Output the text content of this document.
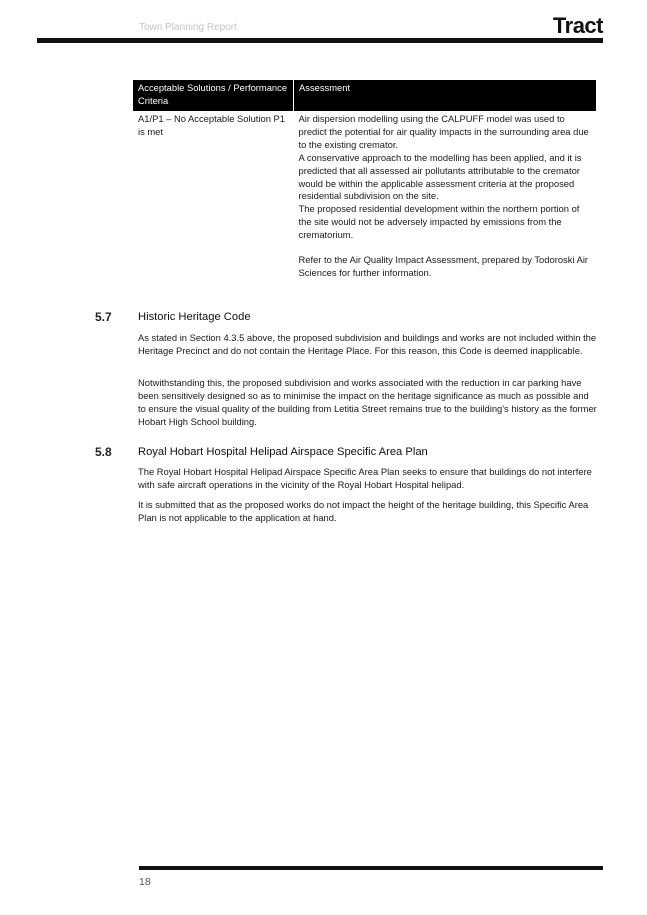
Town Planning Report	Tract
Acceptable Solutions / Performance Criteria	Assessment
A1/P1 – No Acceptable Solution P1 is met	Air dispersion modelling using the CALPUFF model was used to predict the potential for air quality impacts in the surrounding area due to the existing cremator.

A conservative approach to the modelling has been applied, and it is predicted that all assessed air pollutants attributable to the cremator would be within the applicable assessment criteria at the proposed residential subdivision on the site.

The proposed residential development within the northern portion of the site would not be adversely impacted by emissions from the crematorium.

Refer to the Air Quality Impact Assessment, prepared by Todoroski Air Sciences for further information.

5.7 Historic Heritage Code

As stated in Section 4.3.5 above, the proposed subdivision and buildings and works are not included within the Heritage Precinct and do not contain the Heritage Place. For this reason, this Code is deemed inapplicable.

Notwithstanding this, the proposed subdivision and works associated with the reduction in car parking have been sensitively designed so as to minimise the impact on the heritage significance as much as possible and to ensure the visual quality of the building from Letitia Street remains true to the building's history as the former Hobart High School building.

5.8 Royal Hobart Hospital Helipad Airspace Specific Area Plan

The Royal Hobart Hospital Helipad Airspace Specific Area Plan seeks to ensure that buildings do not interfere with safe aircraft operations in the vicinity of the Royal Hobart Hospital helipad.

It is submitted that as the proposed works do not impact the height of the heritage building, this Specific Area Plan is not applicable to the application at hand.

18
